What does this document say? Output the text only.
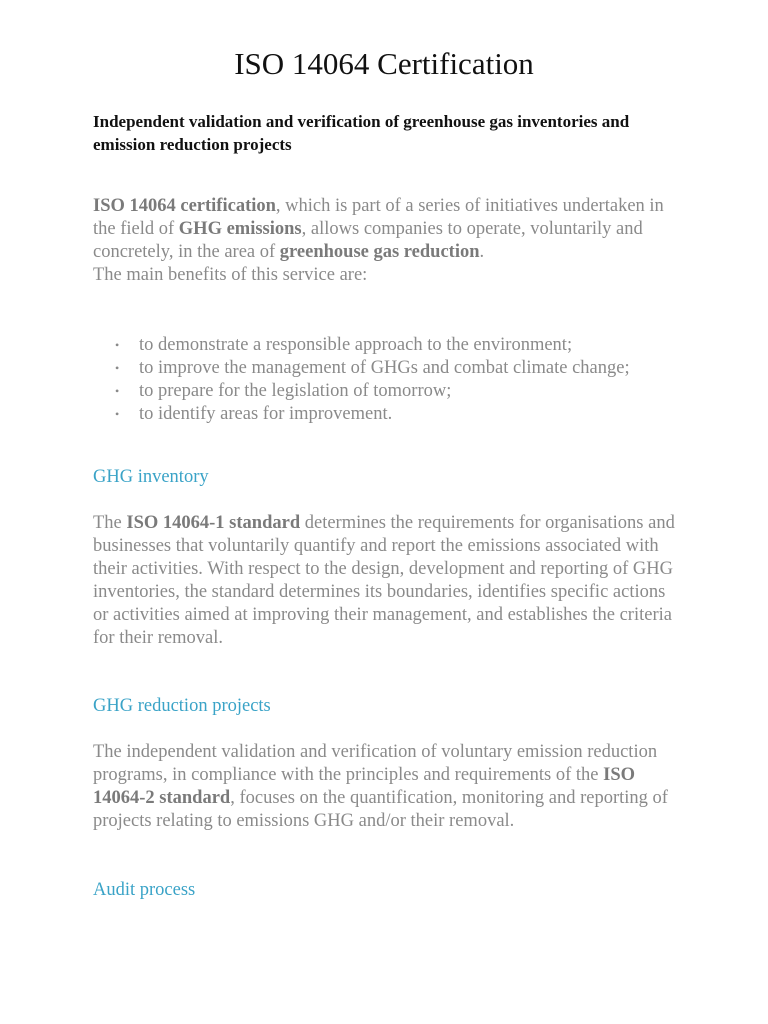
ISO 14064 Certification

Independent validation and verification of greenhouse gas inventories and emission reduction projects

ISO 14064 certification, which is part of a series of initiatives undertaken in the field of GHG emissions, allows companies to operate, voluntarily and concretely, in the area of greenhouse gas reduction.

The main benefits of this service are:

• to demonstrate a responsible approach to the environment;
• to improve the management of GHGs and combat climate change;
• to prepare for the legislation of tomorrow;
• to identify areas for improvement.
GHG inventory

The ISO 14064-1 standard determines the requirements for organisations and businesses that voluntarily quantify and report the emissions associated with their activities. With respect to the design, development and reporting of GHG inventories, the standard determines its boundaries, identifies specific actions or activities aimed at improving their management, and establishes the criteria for their removal.

GHG reduction projects

The independent validation and verification of voluntary emission reduction programs, in compliance with the principles and requirements of the ISO 14064-2 standard, focuses on the quantification, monitoring and reporting of projects relating to emissions GHG and/or their removal.

Audit process
